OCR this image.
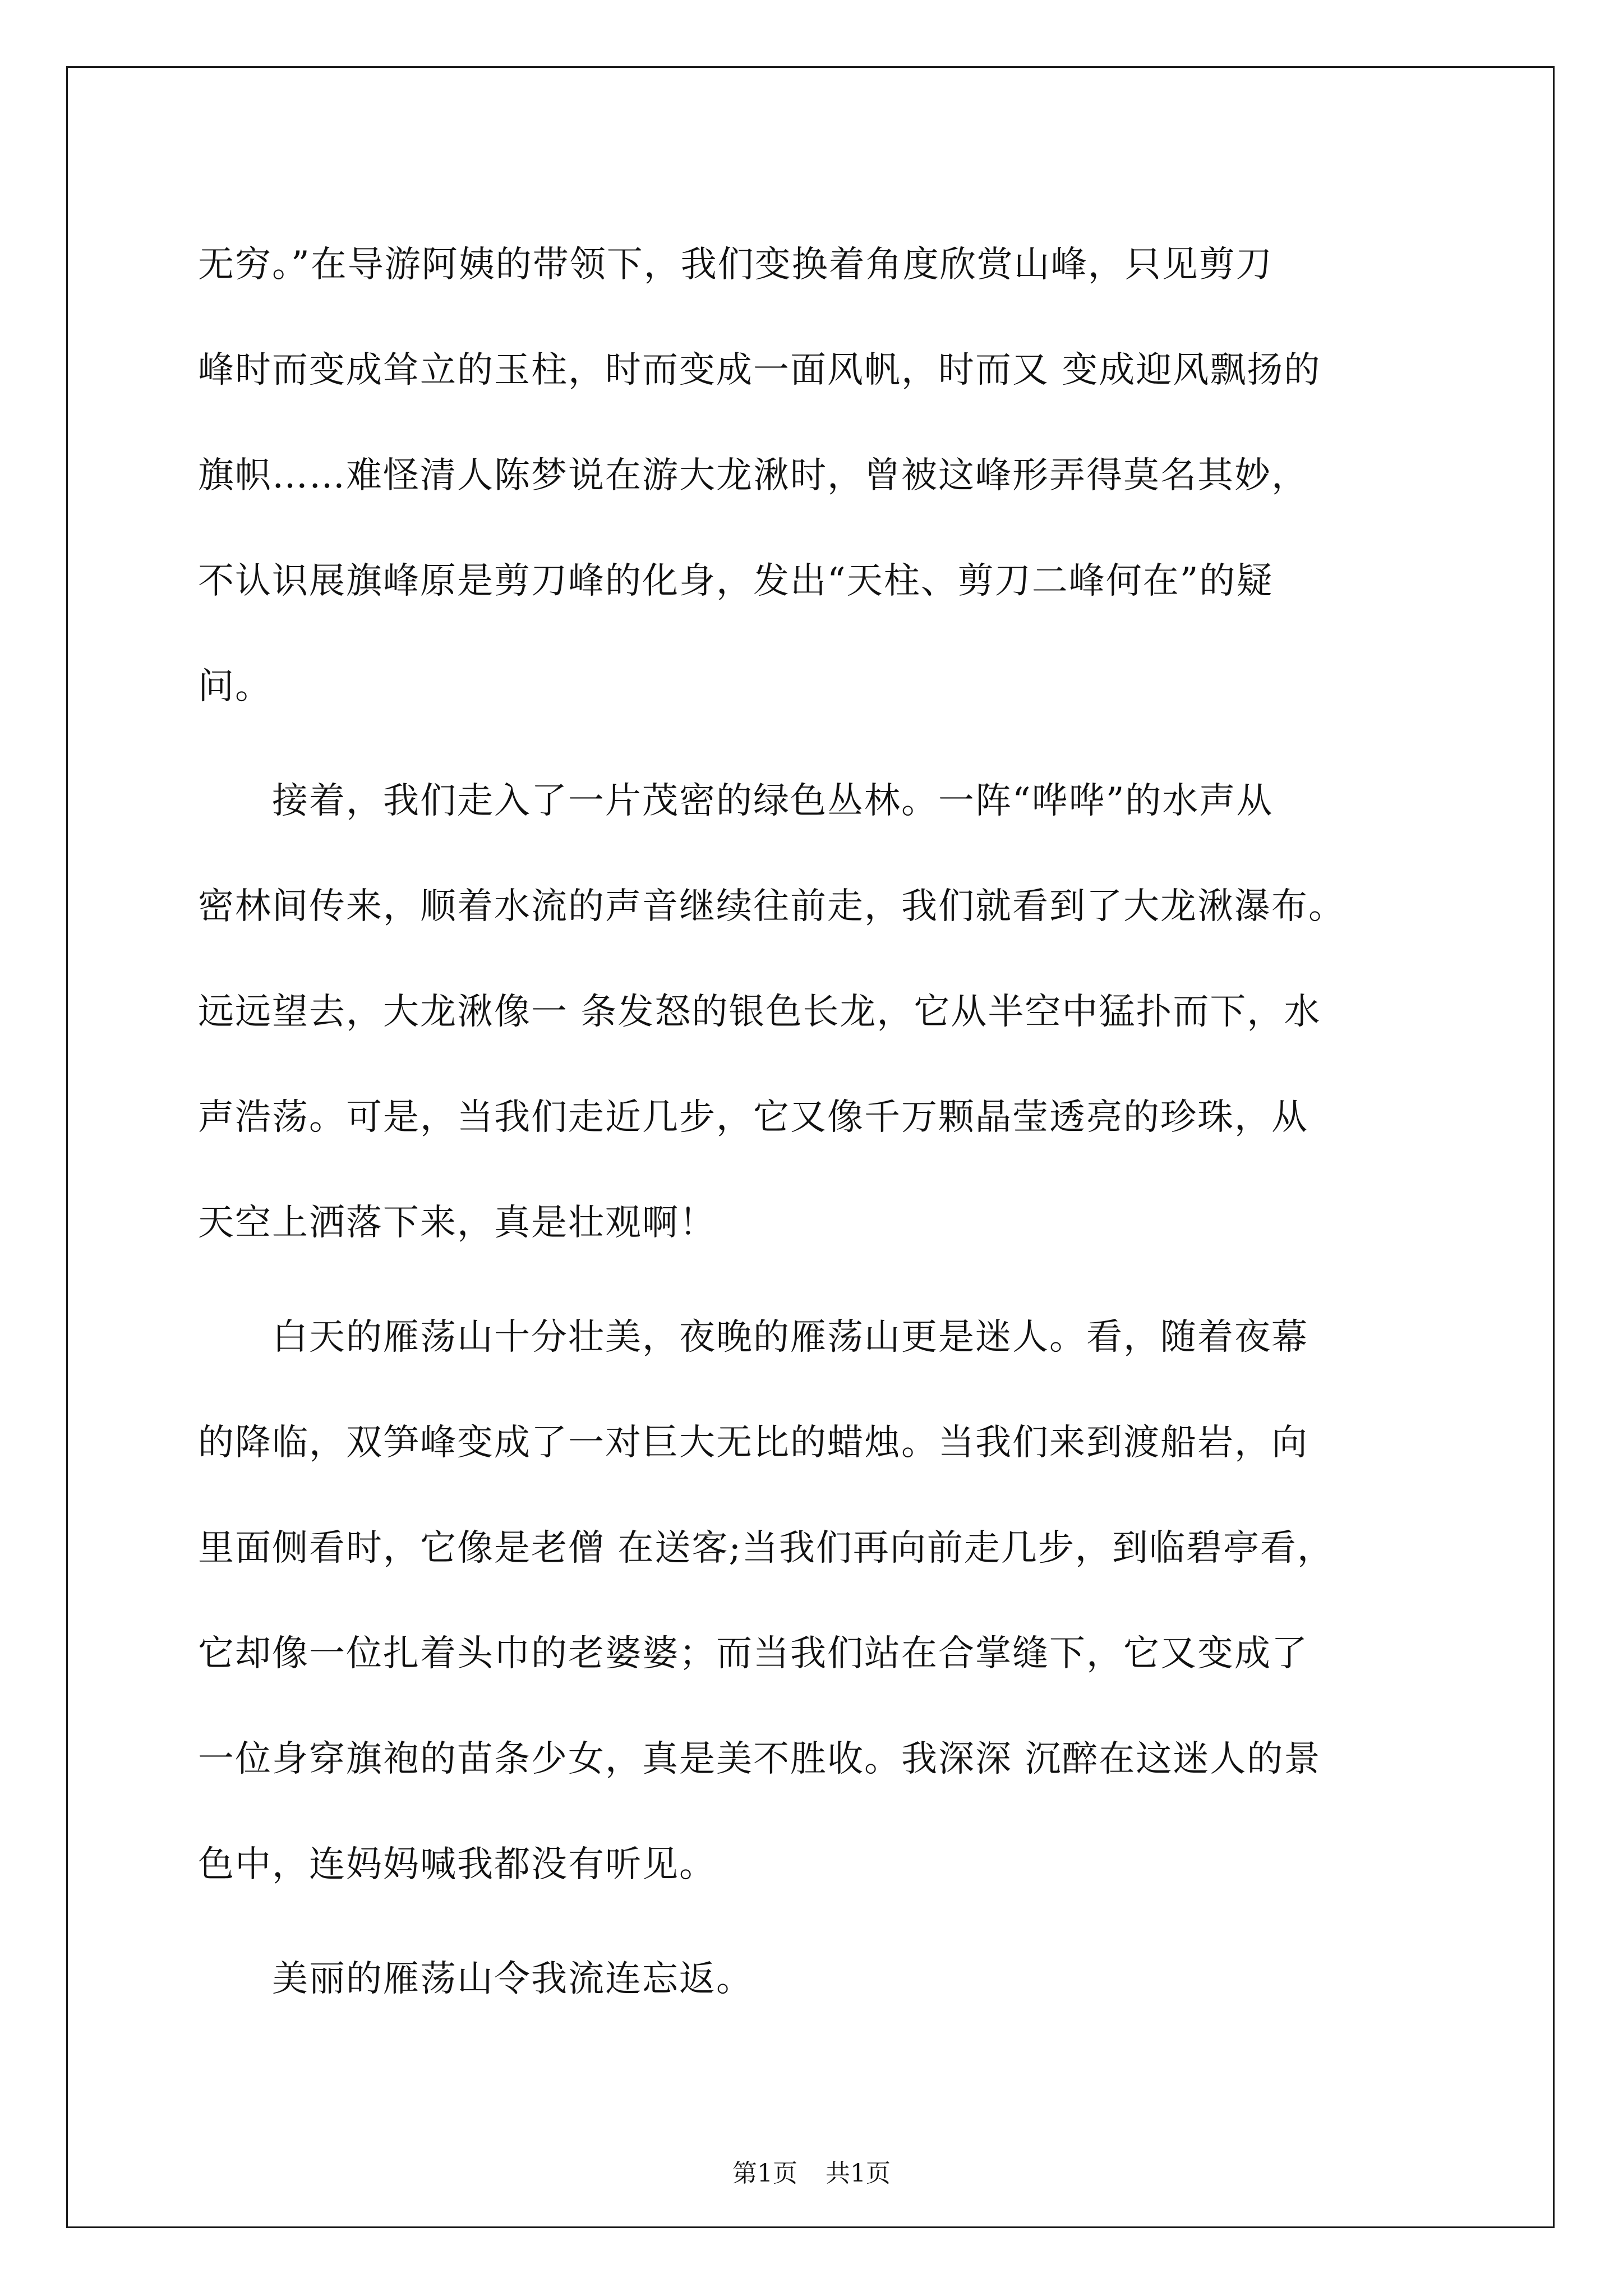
无穷。”在导游阿姨的带领下，我们变换着角度欣赏山峰，只见剪刀
峰时而变成耸立的玉柱，时而变成一面风帆，时而又 变成迎风飘扬的
旗帜……难怪清人陈梦说在游大龙湫时，曾被这峰形弄得莫名其妙，
不认识展旗峰原是剪刀峰的化身，发出“天柱、剪刀二峰何在”的疑
问。
　　接着，我们走入了一片茂密的绿色丛林。一阵“哗哗”的水声从
密林间传来，顺着水流的声音继续往前走，我们就看到了大龙湫瀑布。
远远望去，大龙湫像一 条发怒的银色长龙，它从半空中猛扑而下，水
声浩荡。可是，当我们走近几步，它又像千万颗晶莹透亮的珍珠，从
天空上洒落下来，真是壮观啊！
　　白天的雁荡山十分壮美，夜晚的雁荡山更是迷人。看，随着夜幕
的降临，双笋峰变成了一对巨大无比的蜡烛。当我们来到渡船岩，向
里面侧看时，它像是老僧 在送客;当我们再向前走几步，到临碧亭看，
它却像一位扎着头巾的老婆婆；而当我们站在合掌缝下，它又变成了
一位身穿旗袍的苗条少女，真是美不胜收。我深深 沉醉在这迷人的景
色中，连妈妈喊我都没有听见。
　　美丽的雁荡山令我流连忘返。
第1页 共1页
